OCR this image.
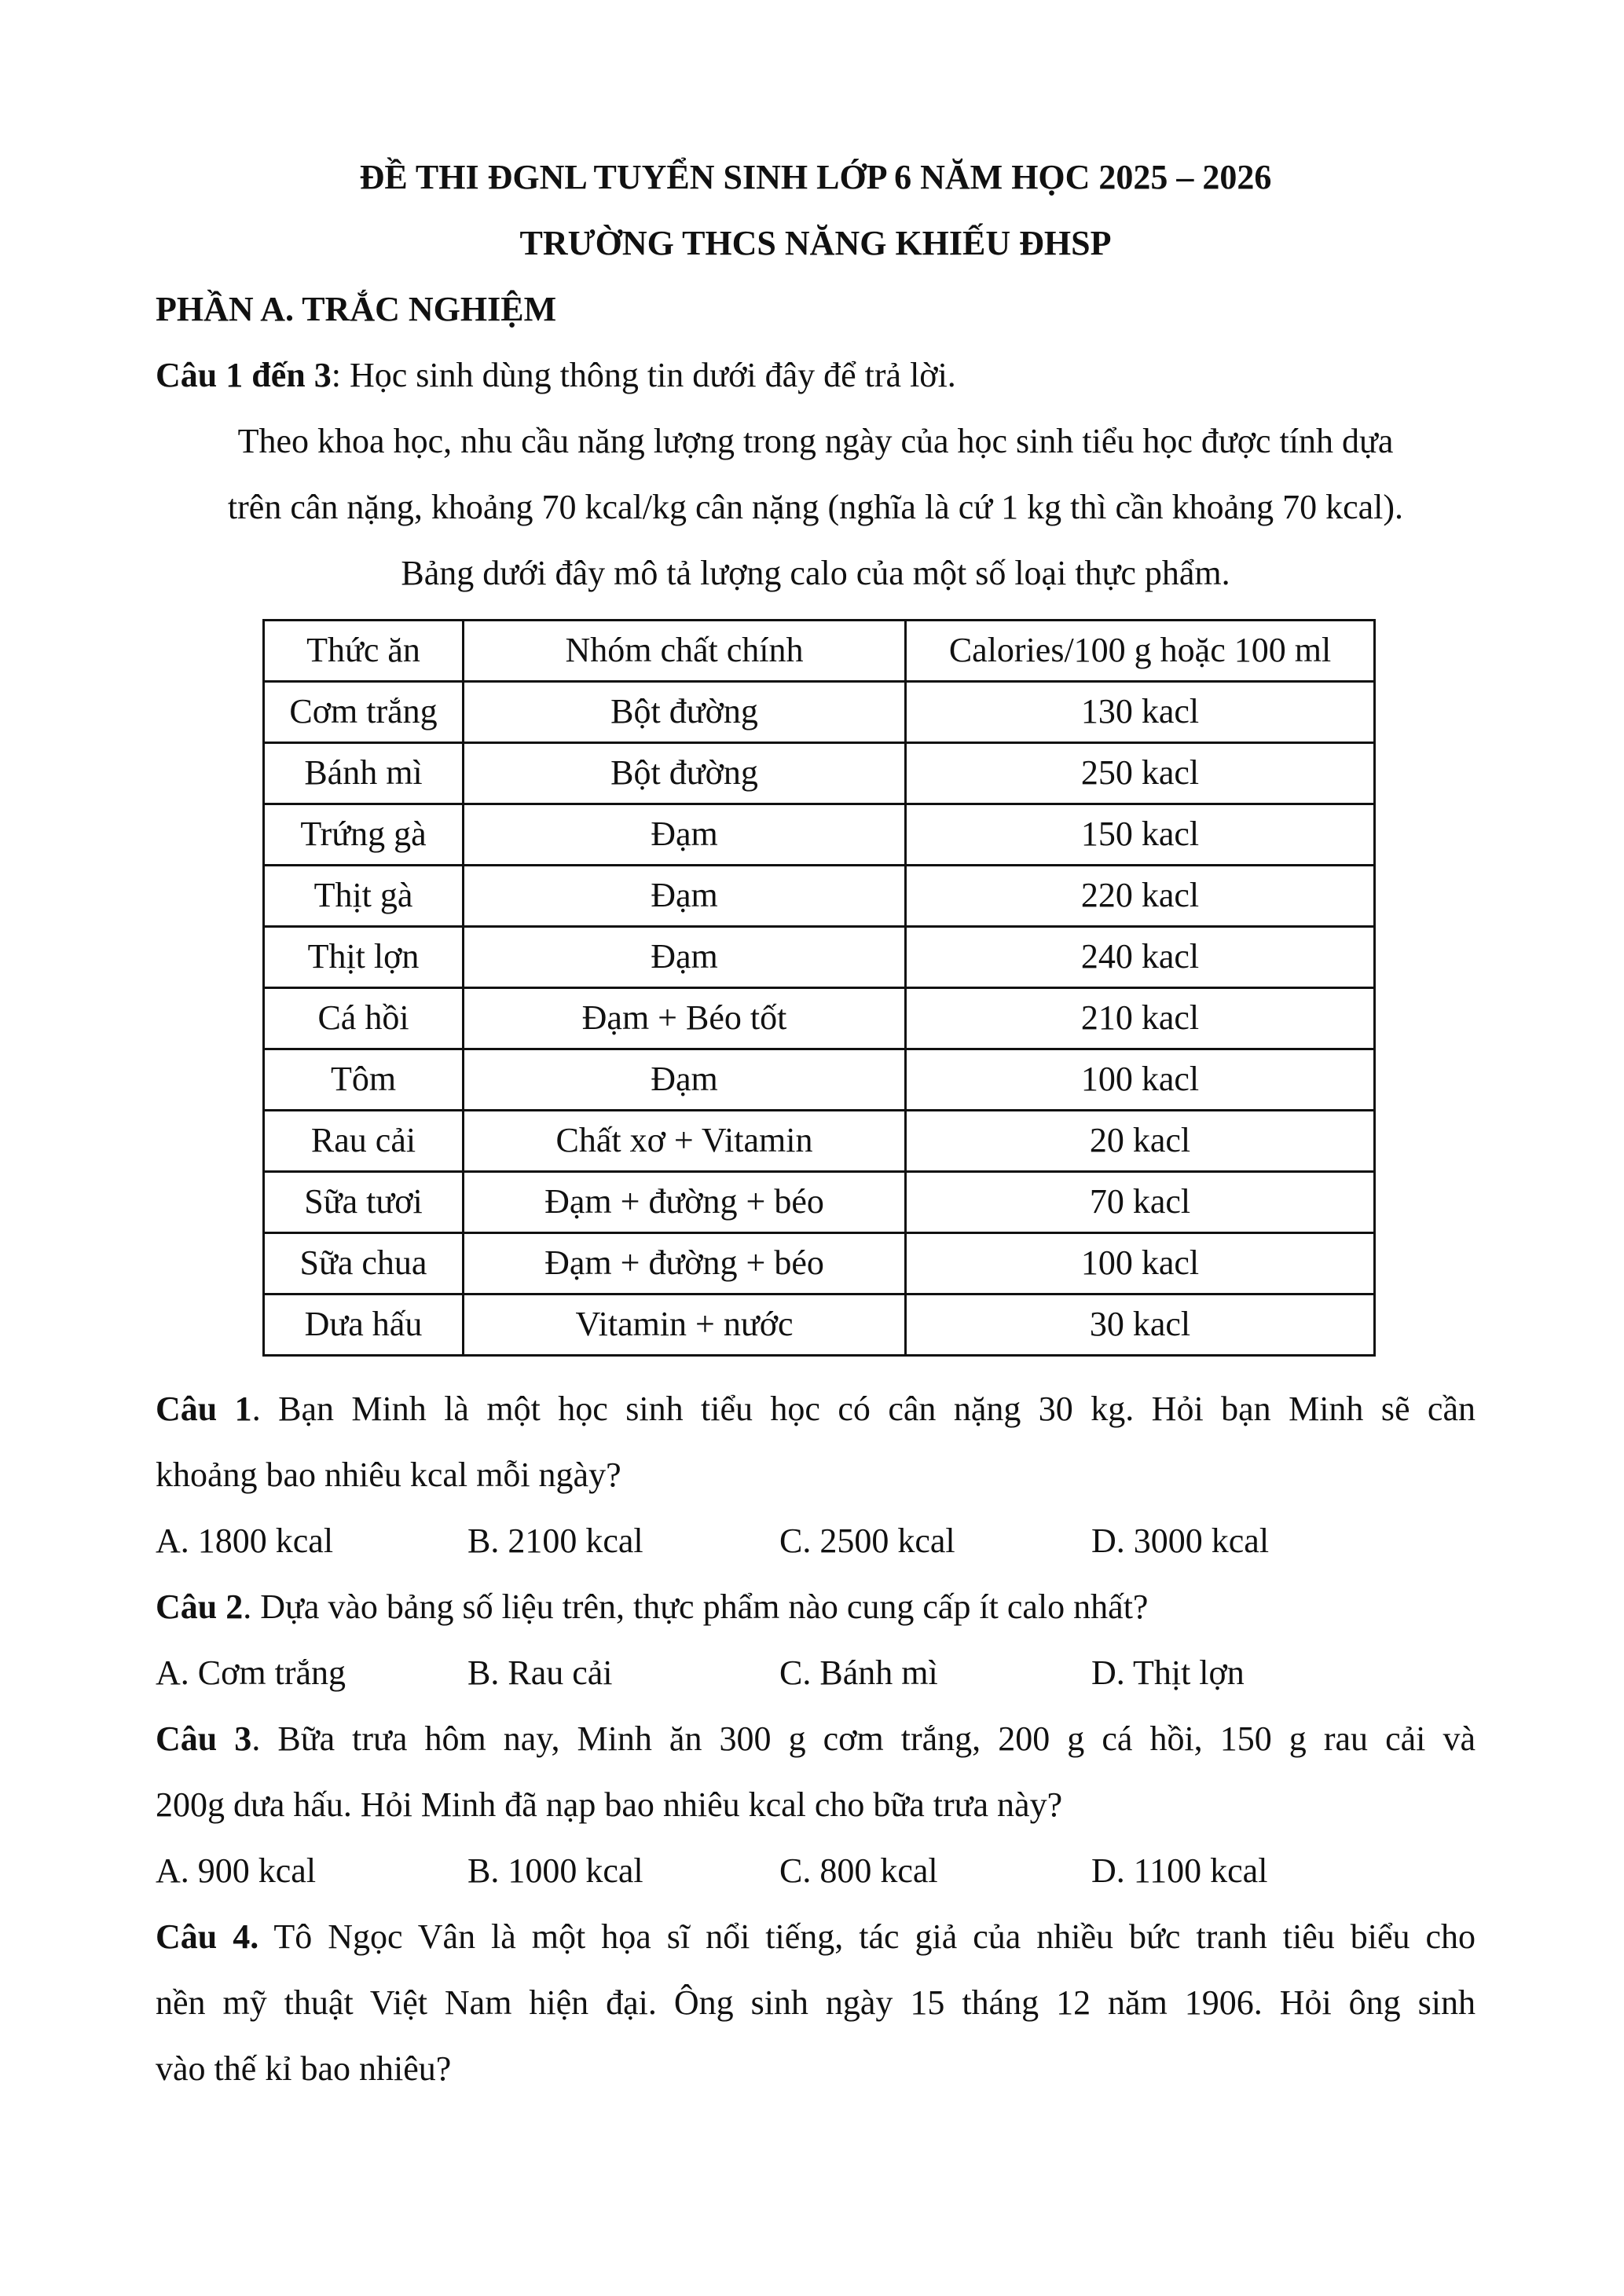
ĐỀ THI ĐGNL TUYỂN SINH LỚP 6 NĂM HỌC 2025 – 2026
TRƯỜNG THCS NĂNG KHIẾU ĐHSP
PHẦN A. TRẮC NGHIỆM
Câu 1 đến 3: Học sinh dùng thông tin dưới đây để trả lời.
Theo khoa học, nhu cầu năng lượng trong ngày của học sinh tiểu học được tính dựa
trên cân nặng, khoảng 70 kcal/kg cân nặng (nghĩa là cứ 1 kg thì cần khoảng 70 kcal).
Bảng dưới đây mô tả lượng calo của một số loại thực phẩm.
Thức ăn	Nhóm chất chính	Calories/100 g hoặc 100 ml
Cơm trắng	Bột đường	130 kacl
Bánh mì	Bột đường	250 kacl
Trứng gà	Đạm	150 kacl
Thịt gà	Đạm	220 kacl
Thịt lợn	Đạm	240 kacl
Cá hồi	Đạm + Béo tốt	210 kacl
Tôm	Đạm	100 kacl
Rau cải	Chất xơ + Vitamin	20 kacl
Sữa tươi	Đạm + đường + béo	70 kacl
Sữa chua	Đạm + đường + béo	100 kacl
Dưa hấu	Vitamin + nước	30 kacl
Câu 1. Bạn Minh là một học sinh tiểu học có cân nặng 30 kg. Hỏi bạn Minh sẽ cần
khoảng bao nhiêu kcal mỗi ngày?
A. 1800 kcal	B. 2100 kcal	C. 2500 kcal	D. 3000 kcal
Câu 2. Dựa vào bảng số liệu trên, thực phẩm nào cung cấp ít calo nhất?
A. Cơm trắng	B. Rau cải	C. Bánh mì	D. Thịt lợn
Câu 3. Bữa trưa hôm nay, Minh ăn 300 g cơm trắng, 200 g cá hồi, 150 g rau cải và
200g dưa hấu. Hỏi Minh đã nạp bao nhiêu kcal cho bữa trưa này?
A. 900 kcal	B. 1000 kcal	C. 800 kcal	D. 1100 kcal
Câu 4. Tô Ngọc Vân là một họa sĩ nổi tiếng, tác giả của nhiều bức tranh tiêu biểu cho
nền mỹ thuật Việt Nam hiện đại. Ông sinh ngày 15 tháng 12 năm 1906. Hỏi ông sinh
vào thế kỉ bao nhiêu?
